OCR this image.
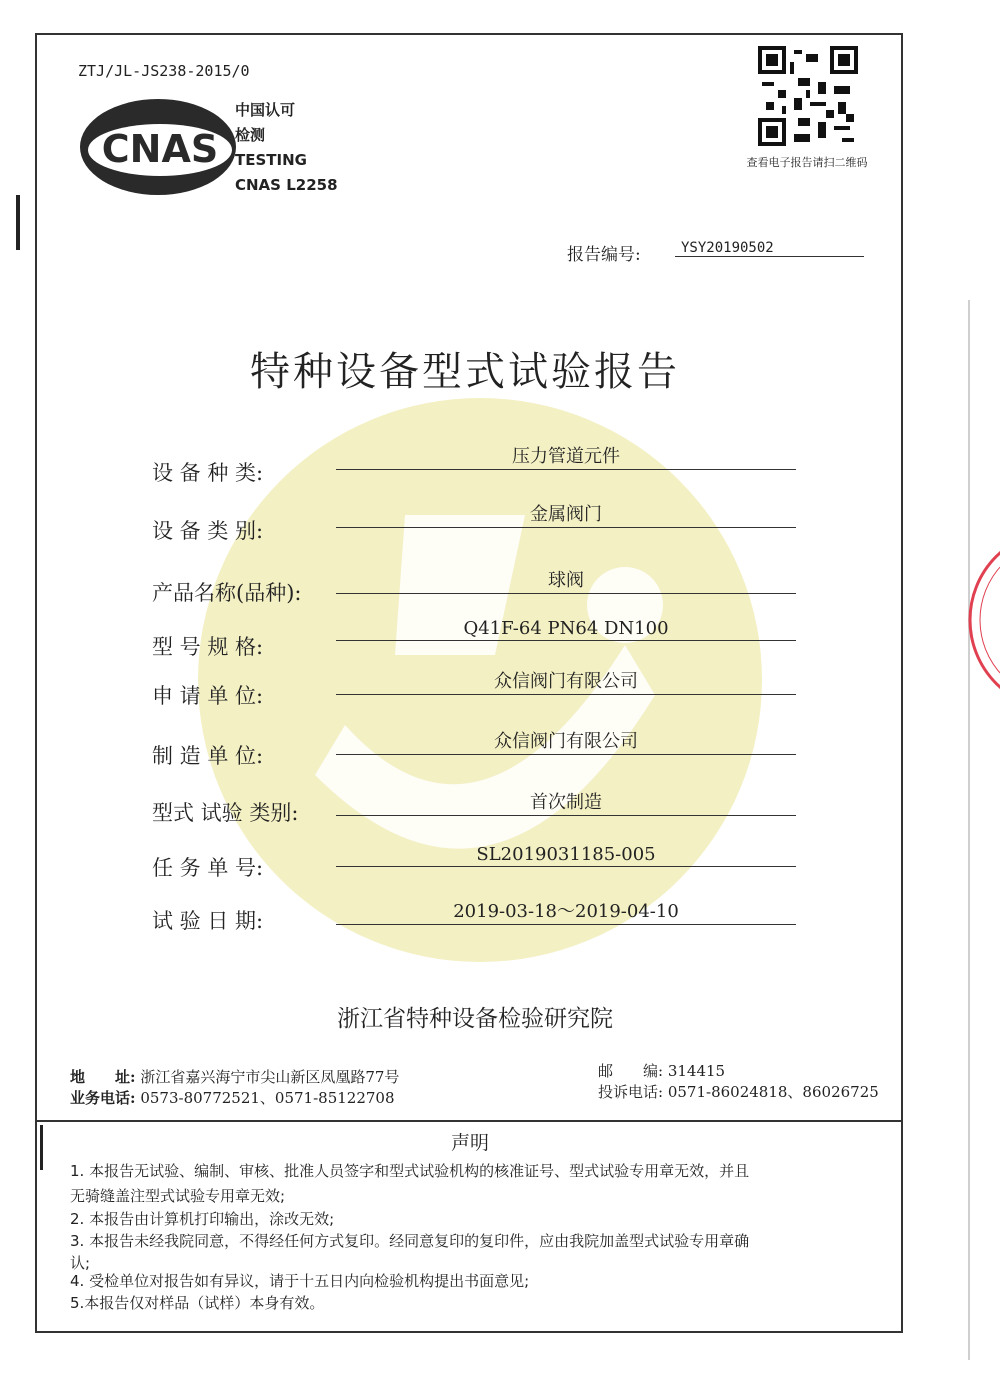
ZTJ/JL-JS238-2015/0
CNAS
中国认可
检测
TESTING
CNAS L2258
查看电子报告请扫二维码
报告编号:	YSY20190502
特种设备型式试验报告
设 备 种 类:
压力管道元件
设 备 类 别:
金属阀门
产品名称(品种):
球阀
型 号 规 格:
Q41F-64 PN64 DN100
申 请 单 位:
众信阀门有限公司
制 造 单 位:
众信阀门有限公司
型式 试验 类别:	首次制造
任 务 单 号:
SL2019031185-005
试 验 日 期:	2019-03-18～2019-04-10
浙江省特种设备检验研究院
地　　址: 浙江省嘉兴海宁市尖山新区凤凰路77号
业务电话: 0573-80772521、0571-85122708
邮　　编: 314415
投诉电话: 0571-86024818、86026725
声明
1. 本报告无试验、编制、审核、批准人员签字和型式试验机构的核准证号、型式试验专用章无效，并且
无骑缝盖注型式试验专用章无效;
2. 本报告由计算机打印输出，涂改无效;
3. 本报告未经我院同意，不得经任何方式复印。经同意复印的复印件，应由我院加盖型式试验专用章确
认;
4. 受检单位对报告如有异议，请于十五日内向检验机构提出书面意见;
5.本报告仅对样品（试样）本身有效。
